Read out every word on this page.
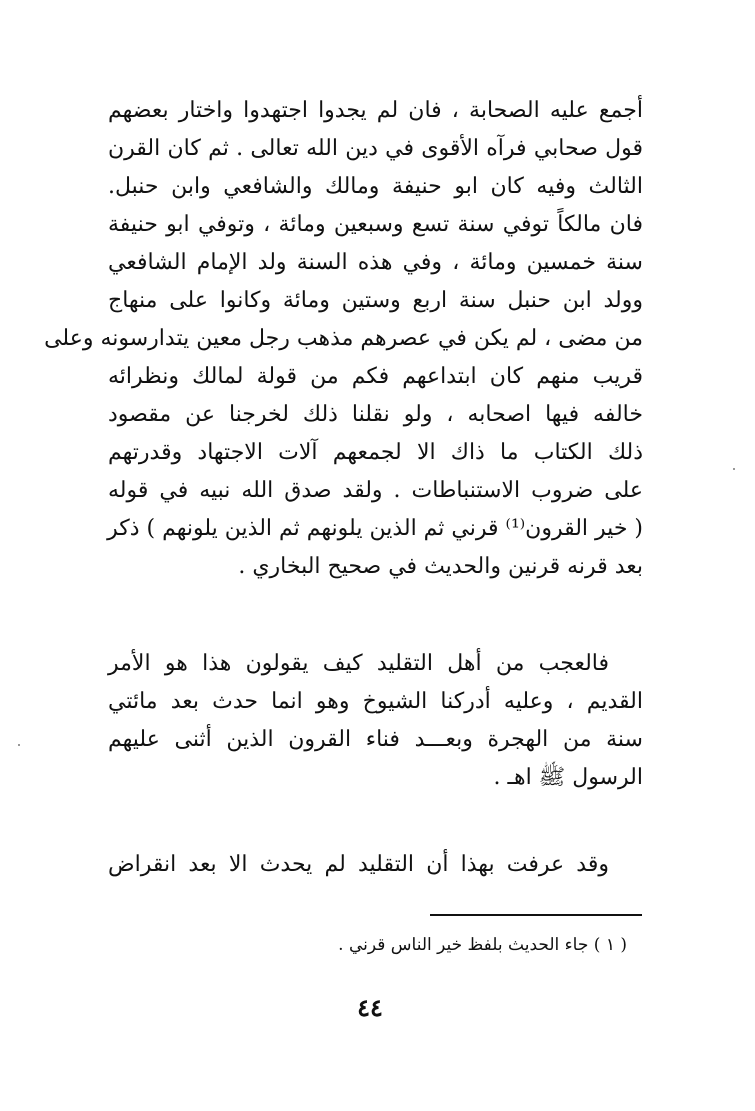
أجمع عليه الصحابة ، فان لم يجدوا اجتهدوا واختار بعضهم
قول صحابي فرآه الأقوى في دين الله تعالى . ثم كان القرن
الثالث وفيه كان ابو حنيفة ومالك والشافعي وابن حنبل.
فان مالكاً توفي سنة تسع وسبعين ومائة ، وتوفي ابو حنيفة
سنة خمسين ومائة ، وفي هذه السنة ولد الإمام الشافعي
وولد ابن حنبل سنة اربع وستين ومائة وكانوا على منهاج
من مضى ، لم يكن في عصرهم مذهب رجل معين يتدارسونه وعلى
قريب منهم كان ابتداعهم فكم من قولة لمالك ونظرائه
خالفه فيها اصحابه ، ولو نقلنا ذلك لخرجنا عن مقصود
ذلك الكتاب ما ذاك الا لجمعهم آلات الاجتهاد وقدرتهم
على ضروب الاستنباطات . ولقد صدق الله نبيه في قوله
( خير القرون⁽¹⁾ قرني ثم الذين يلونهم ثم الذين يلونهم ) ذكر
بعد قرنه قرنين والحديث في صحيح البخاري .
فالعجب من أهل التقليد كيف يقولون هذا هو الأمر
القديم ، وعليه أدركنا الشيوخ وهو انما حدث بعد مائتي
سنة من الهجرة وبعـــد فناء القرون الذين أثنى عليهم
الرسول ﷺ اهـ .
وقد عرفت بهذا أن التقليد لم يحدث الا بعد انقراض
( ١ ) جاء الحديث بلفظ خير الناس قرني .
٤٤
